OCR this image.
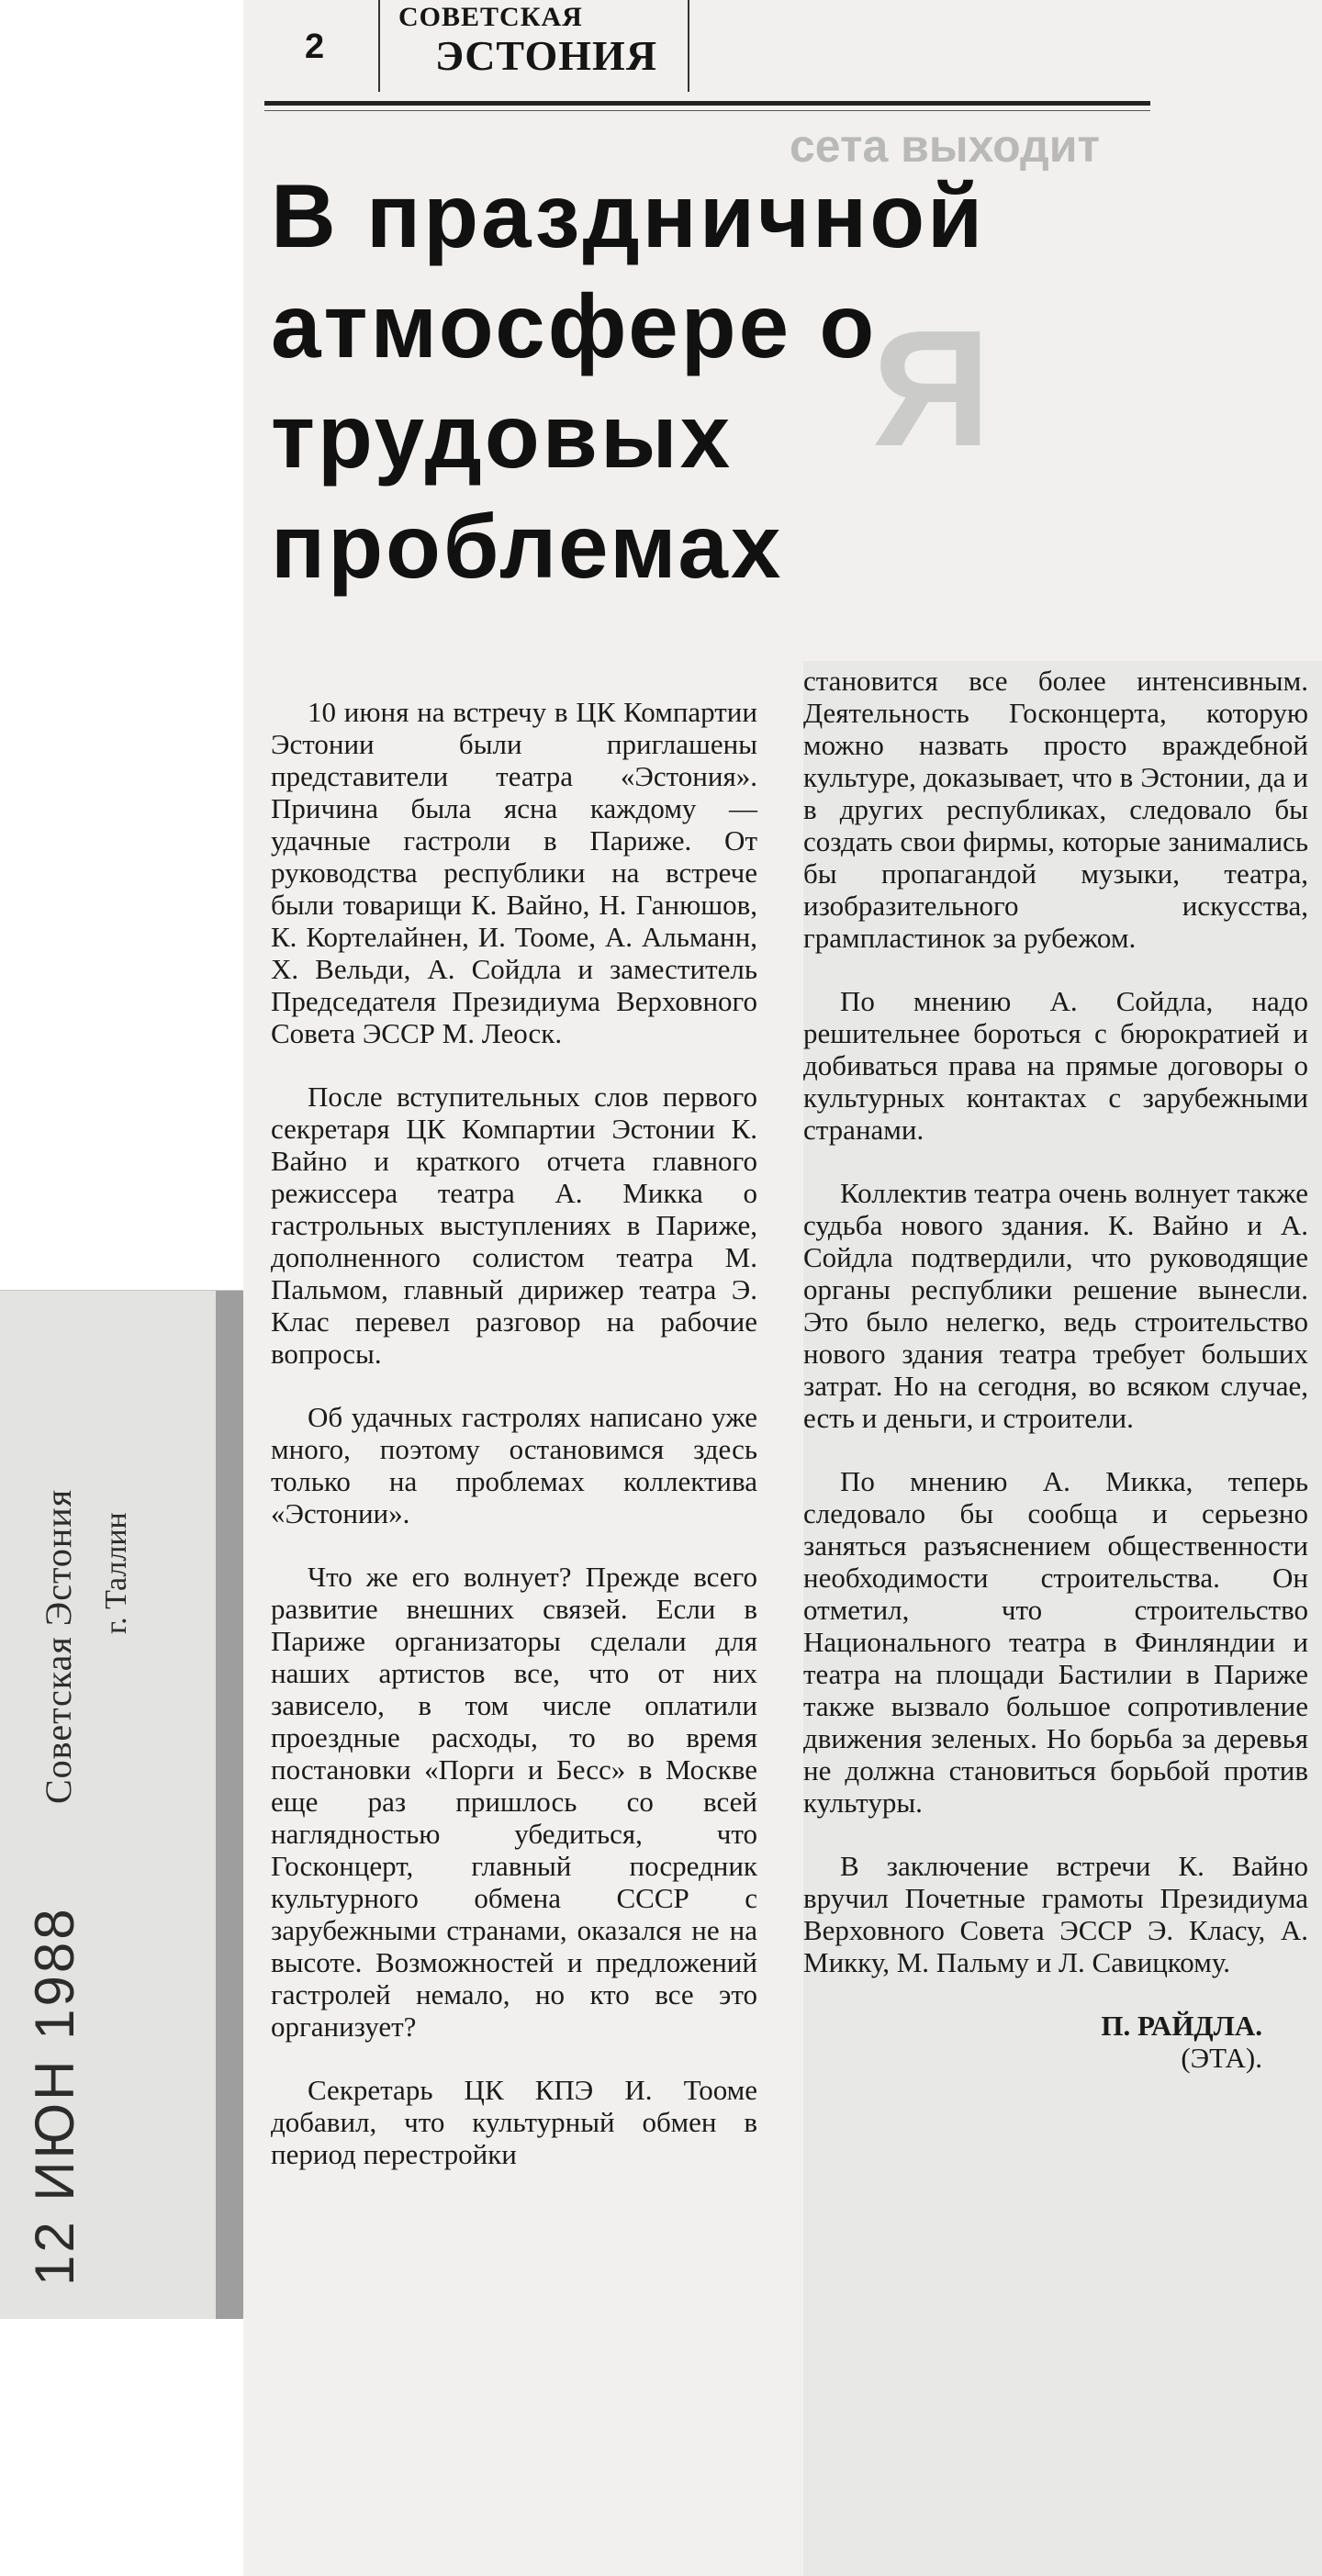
Советская Эстония г. Таллин
12 ИЮН 1988
сета выходит
Я
2
СОВЕТСКАЯ
ЭСТОНИЯ
В праздничной атмосфере о трудовых проблемах

10 июня на встречу в ЦК Компартии Эстонии были приглашены представители театра «Эстония». Причина была ясна каждому — удачные гастроли в Париже. От руководства республики на встрече были товарищи К. Вайно, Н. Ганюшов, К. Кортелайнен, И. Тооме, А. Альманн, Х. Вельди, А. Сойдла и заместитель Председателя Президиума Верховного Совета ЭССР М. Леоск.

После вступительных слов первого секретаря ЦК Компартии Эстонии К. Вайно и краткого отчета главного режиссера театра А. Микка о гастрольных выступлениях в Париже, дополненного солистом театра М. Пальмом, главный дирижер театра Э. Клас перевел разговор на рабочие вопросы.

Об удачных гастролях написано уже много, поэтому остановимся здесь только на проблемах коллектива «Эстонии».

Что же его волнует? Прежде всего развитие внешних связей. Если в Париже организаторы сделали для наших артистов все, что от них зависело, в том числе оплатили проездные расходы, то во время постановки «Порги и Бесс» в Москве еще раз пришлось со всей наглядностью убедиться, что Госконцерт, главный посредник культурного обмена СССР с зарубежными странами, оказался не на высоте. Возможностей и предложений гастролей немало, но кто все это организует?

Секретарь ЦК КПЭ И. Тооме добавил, что культурный обмен в период перестройки

становится все более интенсивным. Деятельность Госконцерта, которую можно назвать просто враждебной культуре, доказывает, что в Эстонии, да и в других республиках, следовало бы создать свои фирмы, которые занимались бы пропагандой музыки, театра, изобразительного искусства, грампластинок за рубежом.

По мнению А. Сойдла, надо решительнее бороться с бюрократией и добиваться права на прямые договоры о культурных контактах с зарубежными странами.

Коллектив театра очень волнует также судьба нового здания. К. Вайно и А. Сойдла подтвердили, что руководящие органы республики решение вынесли. Это было нелегко, ведь строительство нового здания театра требует больших затрат. Но на сегодня, во всяком случае, есть и деньги, и строители.

По мнению А. Микка, теперь следовало бы сообща и серьезно заняться разъяснением общественности необходимости строительства. Он отметил, что строительство Национального театра в Финляндии и театра на площади Бастилии в Париже также вызвало большое сопротивление движения зеленых. Но борьба за деревья не должна становиться борьбой против культуры.

В заключение встречи К. Вайно вручил Почетные грамоты Президиума Верховного Совета ЭССР Э. Класу, А. Микку, М. Пальму и Л. Савицкому.

П. РАЙДЛА.
(ЭТА).
